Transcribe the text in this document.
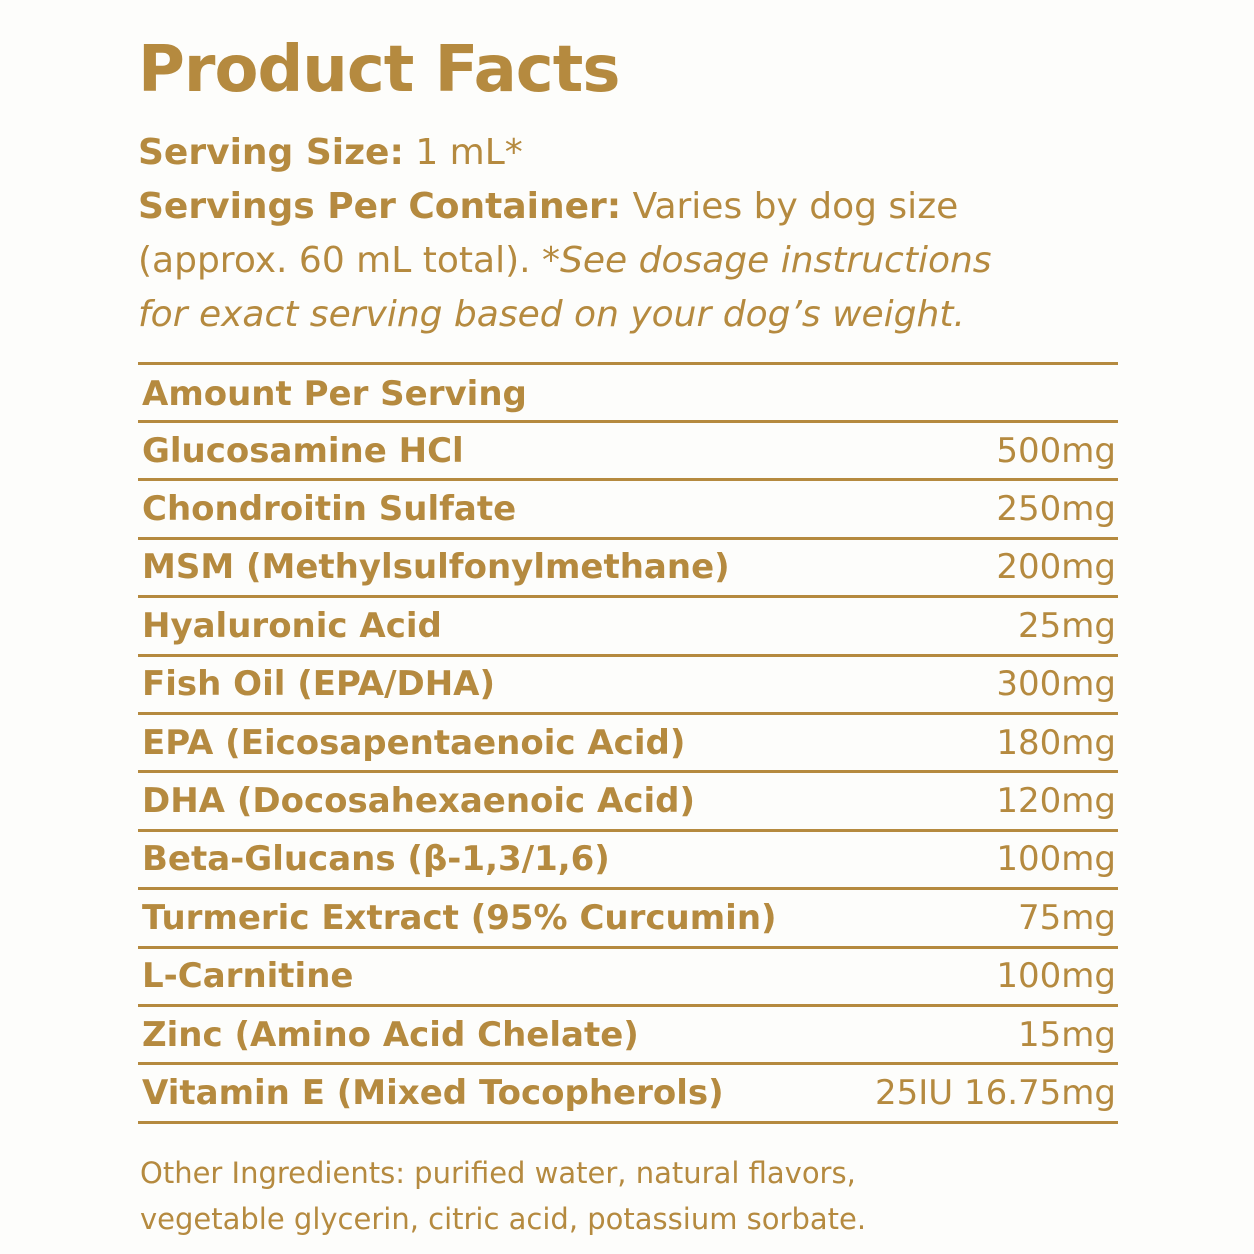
Product Facts
Serving Size: 1 mL*
Servings Per Container: Varies by dog size
(approx. 60 mL total). *See dosage instructions
for exact serving based on your dog’s weight.
Amount Per Serving
Glucosamine HCl	500mg
Chondroitin Sulfate	250mg
MSM (Methylsulfonylmethane)	200mg
Hyaluronic Acid	25mg
Fish Oil (EPA/DHA)	300mg
EPA (Eicosapentaenoic Acid)	180mg
DHA (Docosahexaenoic Acid)	120mg
Beta-Glucans (β-1,3/1,6)	100mg
Turmeric Extract (95% Curcumin)	75mg
L-Carnitine	100mg
Zinc (Amino Acid Chelate)	15mg
Vitamin E (Mixed Tocopherols)	25IU 16.75mg
Other Ingredients: purified water, natural flavors,
vegetable glycerin, citric acid, potassium sorbate.
